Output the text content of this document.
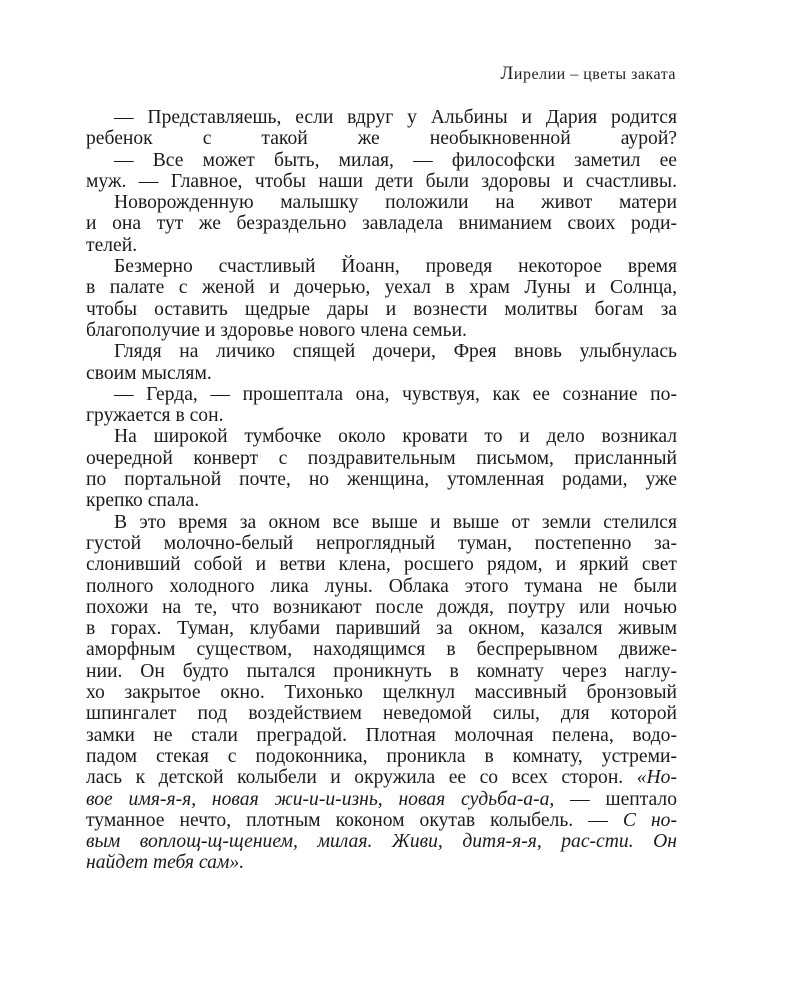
Лирелии – цветы заката
— Представляешь, если вдруг у Альбины и Дария родится
ребенок с такой же необыкновенной аурой?
— Все может быть, милая, — философски заметил ее
муж. — Главное, чтобы наши дети были здоровы и счастливы.
Новорожденную малышку положили на живот матери
и она тут же безраздельно завладела вниманием своих роди-
телей.
Безмерно счастливый Йоанн, проведя некоторое время
в палате с женой и дочерью, уехал в храм Луны и Солнца,
чтобы оставить щедрые дары и вознести молитвы богам за
благополучие и здоровье нового члена семьи.
Глядя на личико спящей дочери, Фрея вновь улыбнулась
своим мыслям.
— Герда, — прошептала она, чувствуя, как ее сознание по-
гружается в сон.
На широкой тумбочке около кровати то и дело возникал
очередной конверт с поздравительным письмом, присланный
по портальной почте, но женщина, утомленная родами, уже
крепко спала.
В это время за окном все выше и выше от земли стелился
густой молочно-белый непроглядный туман, постепенно за-
слонивший собой и ветви клена, росшего рядом, и яркий свет
полного холодного лика луны. Облака этого тумана не были
похожи на те, что возникают после дождя, поутру или ночью
в горах. Туман, клубами паривший за окном, казался живым
аморфным существом, находящимся в беспрерывном движе-
нии. Он будто пытался проникнуть в комнату через наглу-
хо закрытое окно. Тихонько щелкнул массивный бронзовый
шпингалет под воздействием неведомой силы, для которой
замки не стали преградой. Плотная молочная пелена, водо-
падом стекая с подоконника, проникла в комнату, устреми-
лась к детской колыбели и окружила ее со всех сторон. «Но-
вое имя-я-я, новая жи-и-и-изнь, новая судьба-а-а, — шептало
туманное нечто, плотным коконом окутав колыбель. — С но-
вым воплощ-щ-щением, милая. Живи, дитя-я-я, рас-сти. Он
найдет тебя сам».
